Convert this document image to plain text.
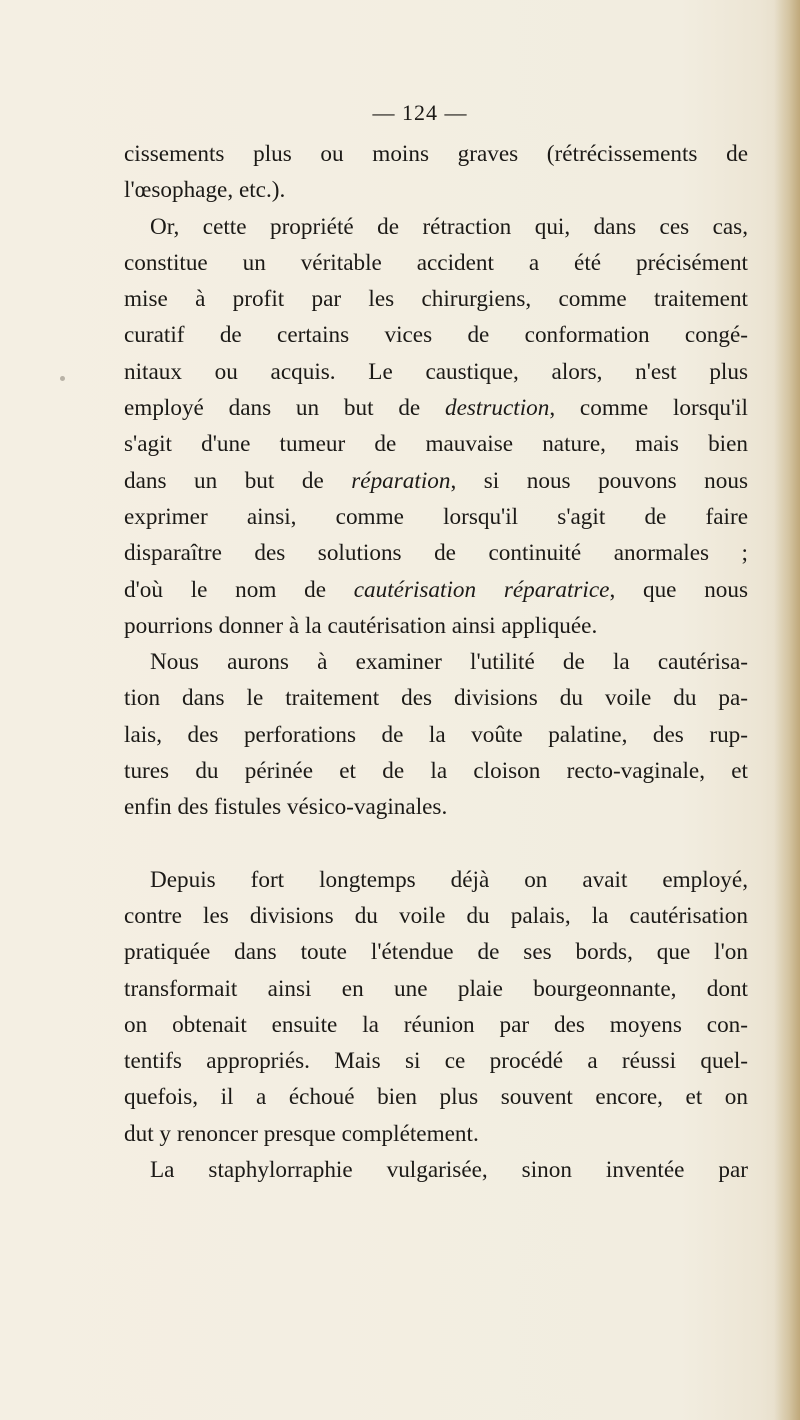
— 124 —
cissements plus ou moins graves (rétrécissements de
l'œsophage, etc.).
Or, cette propriété de rétraction qui, dans ces cas,
constitue un véritable accident a été précisément
mise à profit par les chirurgiens, comme traitement
curatif de certains vices de conformation congé-
nitaux ou acquis. Le caustique, alors, n'est plus
employé dans un but de destruction, comme lorsqu'il
s'agit d'une tumeur de mauvaise nature, mais bien
dans un but de réparation, si nous pouvons nous
exprimer ainsi, comme lorsqu'il s'agit de faire
disparaître des solutions de continuité anormales ;
d'où le nom de cautérisation réparatrice, que nous
pourrions donner à la cautérisation ainsi appliquée.
Nous aurons à examiner l'utilité de la cautérisa-
tion dans le traitement des divisions du voile du pa-
lais, des perforations de la voûte palatine, des rup-
tures du périnée et de la cloison recto-vaginale, et
enfin des fistules vésico-vaginales.
Depuis fort longtemps déjà on avait employé,
contre les divisions du voile du palais, la cautérisation
pratiquée dans toute l'étendue de ses bords, que l'on
transformait ainsi en une plaie bourgeonnante, dont
on obtenait ensuite la réunion par des moyens con-
tentifs appropriés. Mais si ce procédé a réussi quel-
quefois, il a échoué bien plus souvent encore, et on
dut y renoncer presque complétement.
La staphylorraphie vulgarisée, sinon inventée par
